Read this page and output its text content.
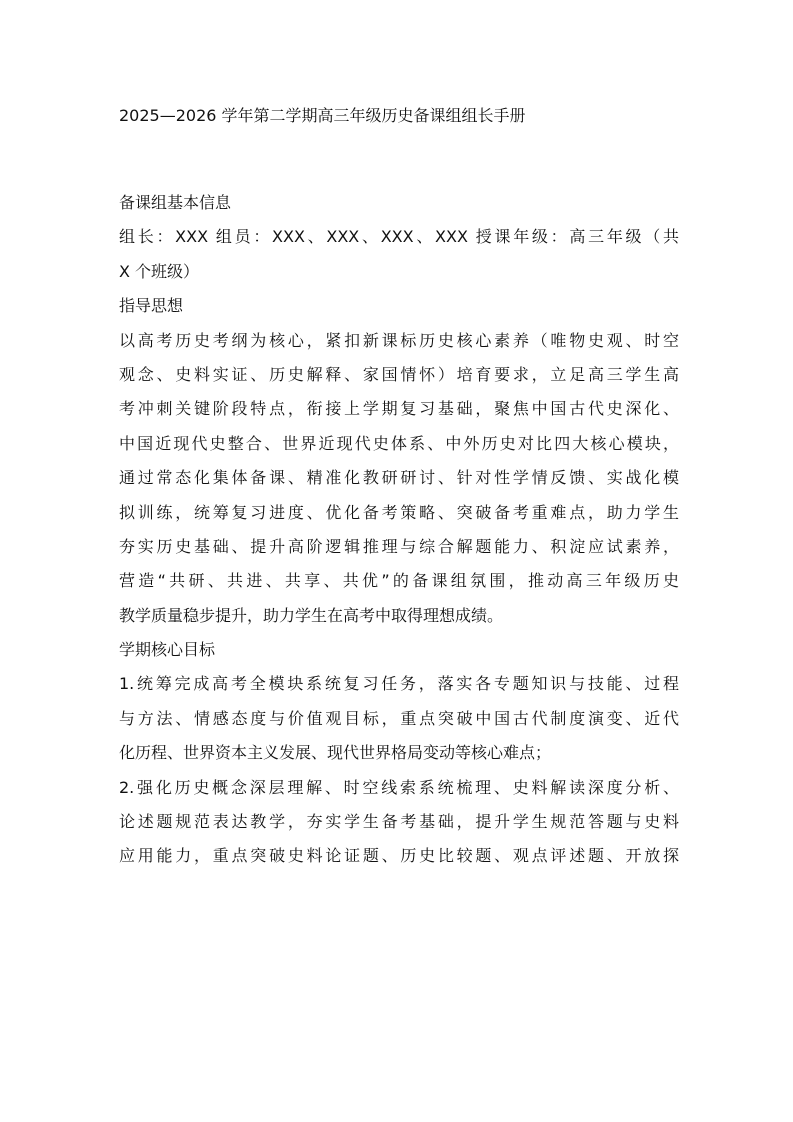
2025—2026 学年第二学期高三年级历史备课组组长手册
备课组基本信息
组长：XXX 组员：XXX、XXX、XXX、XXX 授课年级：高三年级（共
X 个班级）
指导思想
以高考历史考纲为核心，紧扣新课标历史核心素养（唯物史观、时空
观念、史料实证、历史解释、家国情怀）培育要求，立足高三学生高
考冲刺关键阶段特点，衔接上学期复习基础，聚焦中国古代史深化、
中国近现代史整合、世界近现代史体系、中外历史对比四大核心模块，
通过常态化集体备课、精准化教研研讨、针对性学情反馈、实战化模
拟训练，统筹复习进度、优化备考策略、突破备考重难点，助力学生
夯实历史基础、提升高阶逻辑推理与综合解题能力、积淀应试素养，
营造“共研、共进、共享、共优”的备课组氛围，推动高三年级历史
教学质量稳步提升，助力学生在高考中取得理想成绩。
学期核心目标
1.统筹完成高考全模块系统复习任务，落实各专题知识与技能、过程
与方法、情感态度与价值观目标，重点突破中国古代制度演变、近代
化历程、世界资本主义发展、现代世界格局变动等核心难点；
2.强化历史概念深层理解、时空线索系统梳理、史料解读深度分析、
论述题规范表达教学，夯实学生备考基础，提升学生规范答题与史料
应用能力，重点突破史料论证题、历史比较题、观点评述题、开放探
